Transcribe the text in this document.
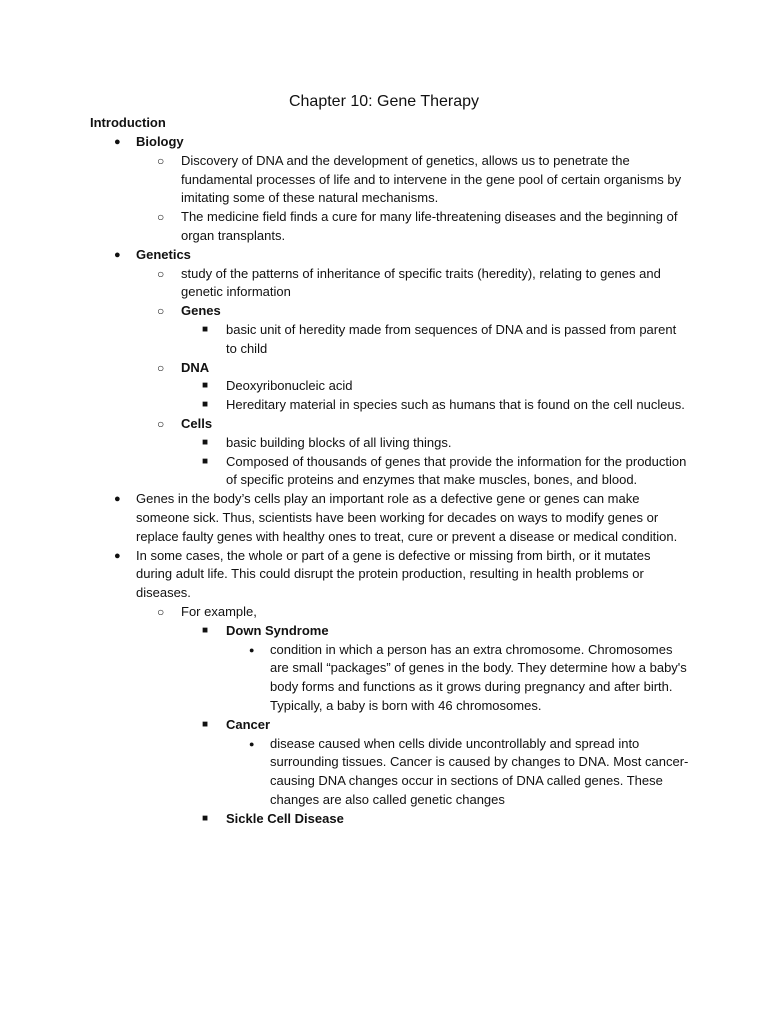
Chapter 10: Gene Therapy
Introduction
● Biology
○ Discovery of DNA and the development of genetics, allows us to penetrate the fundamental processes of life and to intervene in the gene pool of certain organisms by imitating some of these natural mechanisms.
○ The medicine field finds a cure for many life-threatening diseases and the beginning of organ transplants.
● Genetics
○ study of the patterns of inheritance of specific traits (heredity), relating to genes and genetic information
○ Genes
■ basic unit of heredity made from sequences of DNA and is passed from parent to child
○ DNA
■ Deoxyribonucleic acid
■ Hereditary material in species such as humans that is found on the cell nucleus.
○ Cells
■ basic building blocks of all living things.
■ Composed of thousands of genes that provide the information for the production of specific proteins and enzymes that make muscles, bones, and blood.
● Genes in the body’s cells play an important role as a defective gene or genes can make someone sick. Thus, scientists have been working for decades on ways to modify genes or replace faulty genes with healthy ones to treat, cure or prevent a disease or medical condition.
● In some cases, the whole or part of a gene is defective or missing from birth, or it mutates during adult life. This could disrupt the protein production, resulting in health problems or diseases.
○ For example,
■ Down Syndrome
● condition in which a person has an extra chromosome. Chromosomes are small “packages” of genes in the body. They determine how a baby's body forms and functions as it grows during pregnancy and after birth. Typically, a baby is born with 46 chromosomes.
■ Cancer
● disease caused when cells divide uncontrollably and spread into surrounding tissues. Cancer is caused by changes to DNA. Most cancer-causing DNA changes occur in sections of DNA called genes. These changes are also called genetic changes
■ Sickle Cell Disease
